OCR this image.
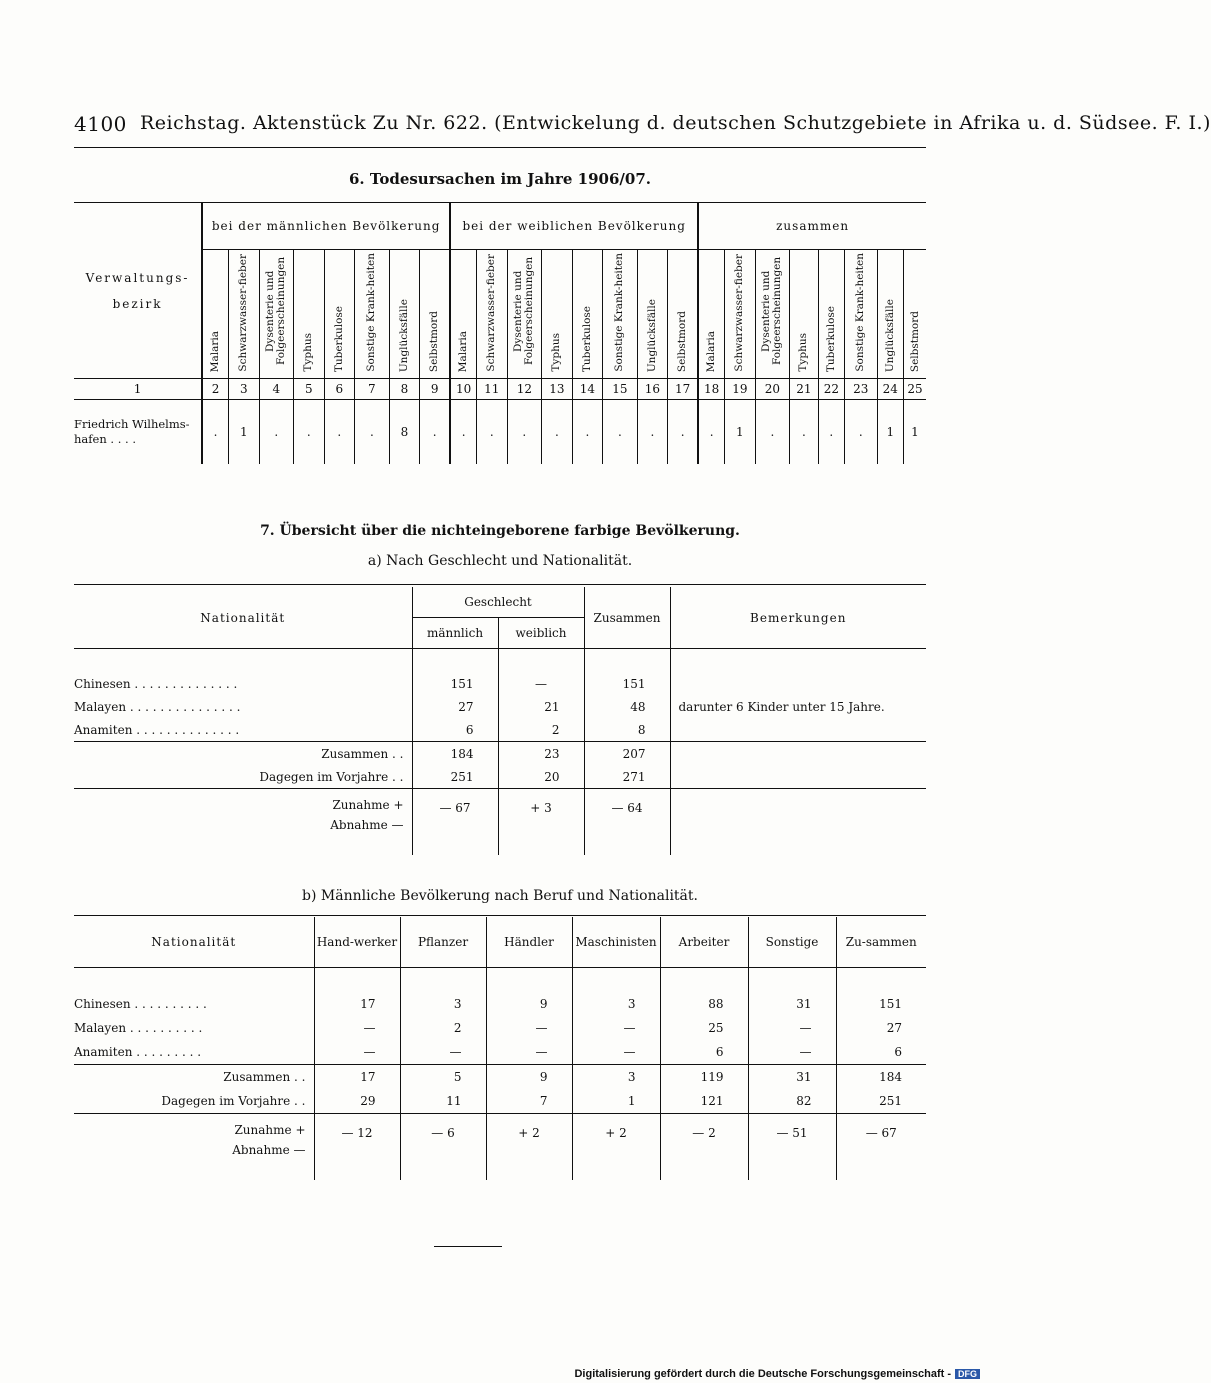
4100 Reichstag. Aktenstück Zu Nr. 622. (Entwickelung d. deutschen Schutzgebiete in Afrika u. d. Südsee. F. I.)
6. Todesursachen im Jahre 1906/07.
Verwaltungs-bezirk	bei der männlichen Bevölkerung								bei der weiblichen Bevölkerung								zusammen							

	Malaria	Schwarzwasser-fieber	Dysenterie und Folgeerscheinungen	Typhus	Tuberkulose	Sonstige Krank-heiten	Unglücksfälle	Selbstmord	Malaria	Schwarzwasser-fieber	Dysenterie und Folgeerscheinungen	Typhus	Tuberkulose	Sonstige Krank-heiten	Unglücksfälle	Selbstmord	Malaria	Schwarzwasser-fieber	Dysenterie und Folgeerscheinungen	Typhus	Tuberkulose	Sonstige Krank-heiten	Unglücksfälle	Selbstmord

1	2	3	4	5	6	7	8	9	10	11	12	13	14	15	16	17	18	19	20	21	22	23	24	25
Friedrich Wilhelms-hafen . . . .	.	1	.	.	.	.	8	.	.	.	.	.	.	.	.	.	.	1	.	.	.	.	1	1
7. Übersicht über die nichteingeborene farbige Bevölkerung.
a) Nach Geschlecht und Nationalität.
Nationalität	Geschlecht		Zusammen	Bemerkungen
	männlich	weiblich		

Chinesen . . . . . . . . . . . . . .	151	—	151	
Malayen . . . . . . . . . . . . . . .	27	21	48	darunter 6 Kinder unter 15 Jahre.
Anamiten . . . . . . . . . . . . . .	6	2	8	
Zusammen . .	184	23	207	
Dagegen im Vorjahre . .	251	20	271	

Zunahme +
Abnahme —	— 67	+ 3	— 64	
b) Männliche Bevölkerung nach Beruf und Nationalität.
Nationalität	Hand-werker	Pflanzer	Händler	Maschinisten	Arbeiter	Sonstige	Zu-sammen

Chinesen . . . . . . . . . .	17	3	9	3	88	31	151
Malayen . . . . . . . . . .	—	2	—	—	25	—	27
Anamiten . . . . . . . . .	—	—	—	—	6	—	6
Zusammen . .	17	5	9	3	119	31	184
Dagegen im Vorjahre . .	29	11	7	1	121	82	251

Zunahme +
Abnahme —	— 12	— 6	+ 2	+ 2	— 2	— 51	— 67
Digitalisierung gefördert durch die Deutsche Forschungsgemeinschaft - DFG
